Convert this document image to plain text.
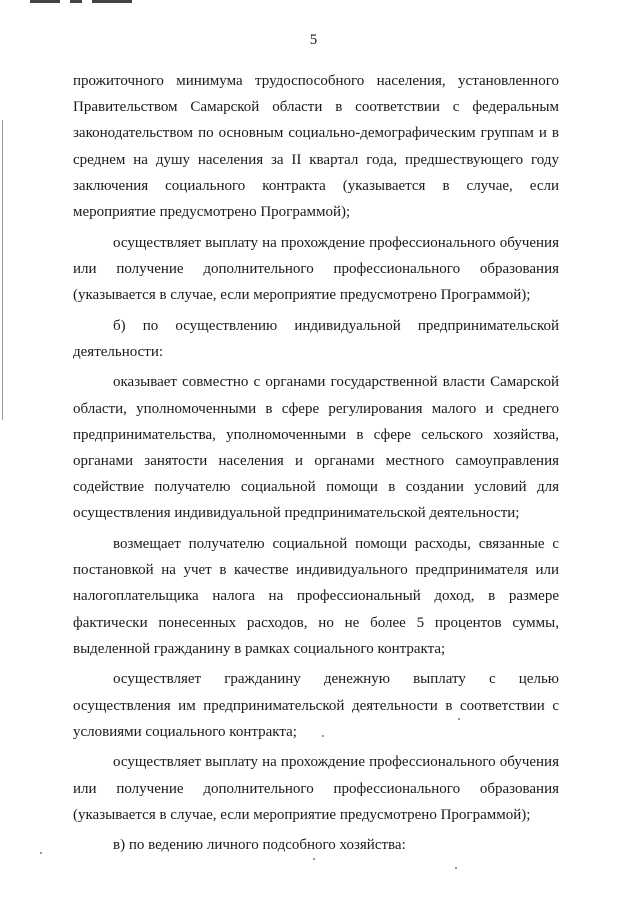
5

прожиточного минимума трудоспособного населения, установленного Правительством Самарской области в соответствии с федеральным законодательством по основным социально-демографическим группам и в среднем на душу населения за II квартал года, предшествующего году заключения социального контракта (указывается в случае, если мероприятие предусмотрено Программой);

осуществляет выплату на прохождение профессионального обучения или получение дополнительного профессионального образования (указывается в случае, если мероприятие предусмотрено Программой);

б) по осуществлению индивидуальной предпринимательской деятельности:

оказывает совместно с органами государственной власти Самарской области, уполномоченными в сфере регулирования малого и среднего предпринимательства, уполномоченными в сфере сельского хозяйства, органами занятости населения и органами местного самоуправления содействие получателю социальной помощи в создании условий для осуществления индивидуальной предпринимательской деятельности;

возмещает получателю социальной помощи расходы, связанные с постановкой на учет в качестве индивидуального предпринимателя или налогоплательщика налога на профессиональный доход, в размере фактически понесенных расходов, но не более 5 процентов суммы, выделенной гражданину в рамках социального контракта;

осуществляет гражданину денежную выплату с целью осуществления им предпринимательской деятельности в соответствии с условиями социального контракта;

осуществляет выплату на прохождение профессионального обучения или получение дополнительного профессионального образования (указывается в случае, если мероприятие предусмотрено Программой);

в) по ведению личного подсобного хозяйства:
